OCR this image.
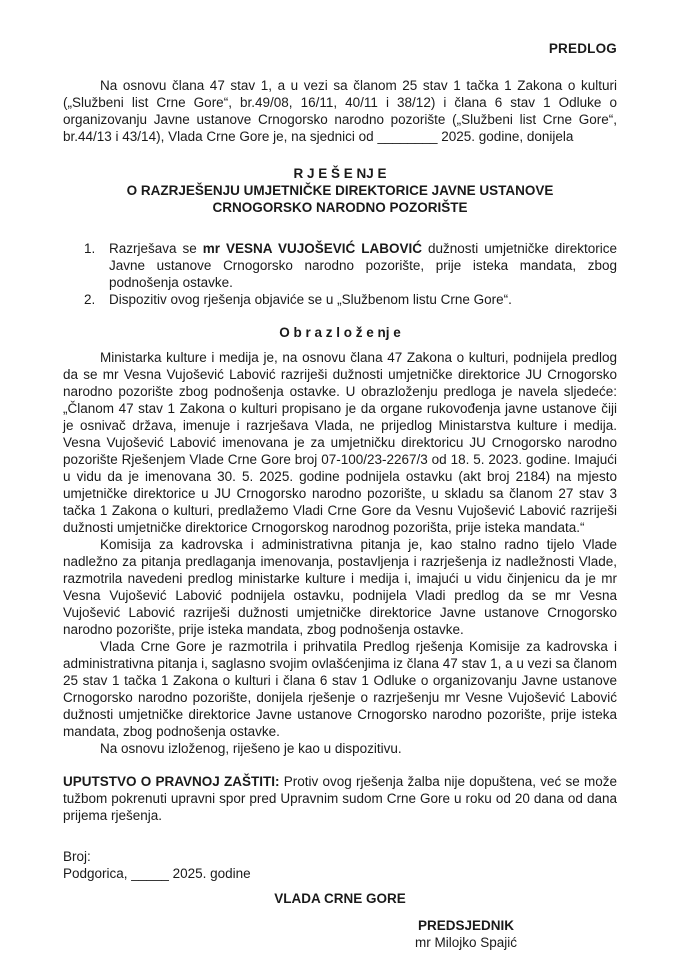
PREDLOG

Na osnovu člana 47 stav 1, a u vezi sa članom 25 stav 1 tačka 1 Zakona o kulturi („Službeni list Crne Gore“, br.49/08, 16/11, 40/11 i 38/12) i člana 6 stav 1 Odluke o organizovanju Javne ustanove Crnogorsko narodno pozorište („Službeni list Crne Gore“, br.44/13 i 43/14), Vlada Crne Gore je, na sjednici od ________ 2025. godine, donijela

R J E Š E NJ E
O RAZRJEŠENJU UMJETNIČKE DIREKTORICE JAVNE USTANOVE
CRNOGORSKO NARODNO POZORIŠTE
1.	Razrješava se mr VESNA VUJOŠEVIĆ LABOVIĆ dužnosti umjetničke direktorice Javne ustanove Crnogorsko narodno pozorište, prije isteka mandata, zbog podnošenja ostavke.
2.	Dispozitiv ovog rješenja objaviće se u „Službenom listu Crne Gore“.
O b r a z l o ž e nj e

Ministarka kulture i medija je, na osnovu člana 47 Zakona o kulturi, podnijela predlog da se mr Vesna Vujošević Labović razriješi dužnosti umjetničke direktorice JU Crnogorsko narodno pozorište zbog podnošenja ostavke. U obrazloženju predloga je navela sljedeće: „Članom 47 stav 1 Zakona o kulturi propisano je da organe rukovođenja javne ustanove čiji je osnivač država, imenuje i razrješava Vlada, ne prijedlog Ministarstva kulture i medija. Vesna Vujošević Labović imenovana je za umjetničku direktoricu JU Crnogorsko narodno pozorište Rješenjem Vlade Crne Gore broj 07-100/23-2267/3 od 18. 5. 2023. godine. Imajući u vidu da je imenovana 30. 5. 2025. godine podnijela ostavku (akt broj 2184) na mjesto umjetničke direktorice u JU Crnogorsko narodno pozorište, u skladu sa članom 27 stav 3 tačka 1 Zakona o kulturi, predlažemo Vladi Crne Gore da Vesnu Vujošević Labović razriješi dužnosti umjetničke direktorice Crnogorskog narodnog pozorišta, prije isteka mandata.“

Komisija za kadrovska i administrativna pitanja je, kao stalno radno tijelo Vlade nadležno za pitanja predlaganja imenovanja, postavljenja i razrješenja iz nadležnosti Vlade, razmotrila navedeni predlog ministarke kulture i medija i, imajući u vidu činjenicu da je mr Vesna Vujošević Labović podnijela ostavku, podnijela Vladi predlog da se mr Vesna Vujošević Labović razriješi dužnosti umjetničke direktorice Javne ustanove Crnogorsko narodno pozorište, prije isteka mandata, zbog podnošenja ostavke.

Vlada Crne Gore je razmotrila i prihvatila Predlog rješenja Komisije za kadrovska i administrativna pitanja i, saglasno svojim ovlašćenjima iz člana 47 stav 1, a u vezi sa članom 25 stav 1 tačka 1 Zakona o kulturi i člana 6 stav 1 Odluke o organizovanju Javne ustanove Crnogorsko narodno pozorište, donijela rješenje o razrješenju mr Vesne Vujošević Labović dužnosti umjetničke direktorice Javne ustanove Crnogorsko narodno pozorište, prije isteka mandata, zbog podnošenja ostavke.

Na osnovu izloženog, riješeno je kao u dispozitivu.

UPUTSTVO O PRAVNOJ ZAŠTITI: Protiv ovog rješenja žalba nije dopuštena, već se može tužbom pokrenuti upravni spor pred Upravnim sudom Crne Gore u roku od 20 dana od dana prijema rješenja.

Broj:
Podgorica, _____ 2025. godine
VLADA CRNE GORE
PREDSJEDNIK
mr Milojko Spajić
